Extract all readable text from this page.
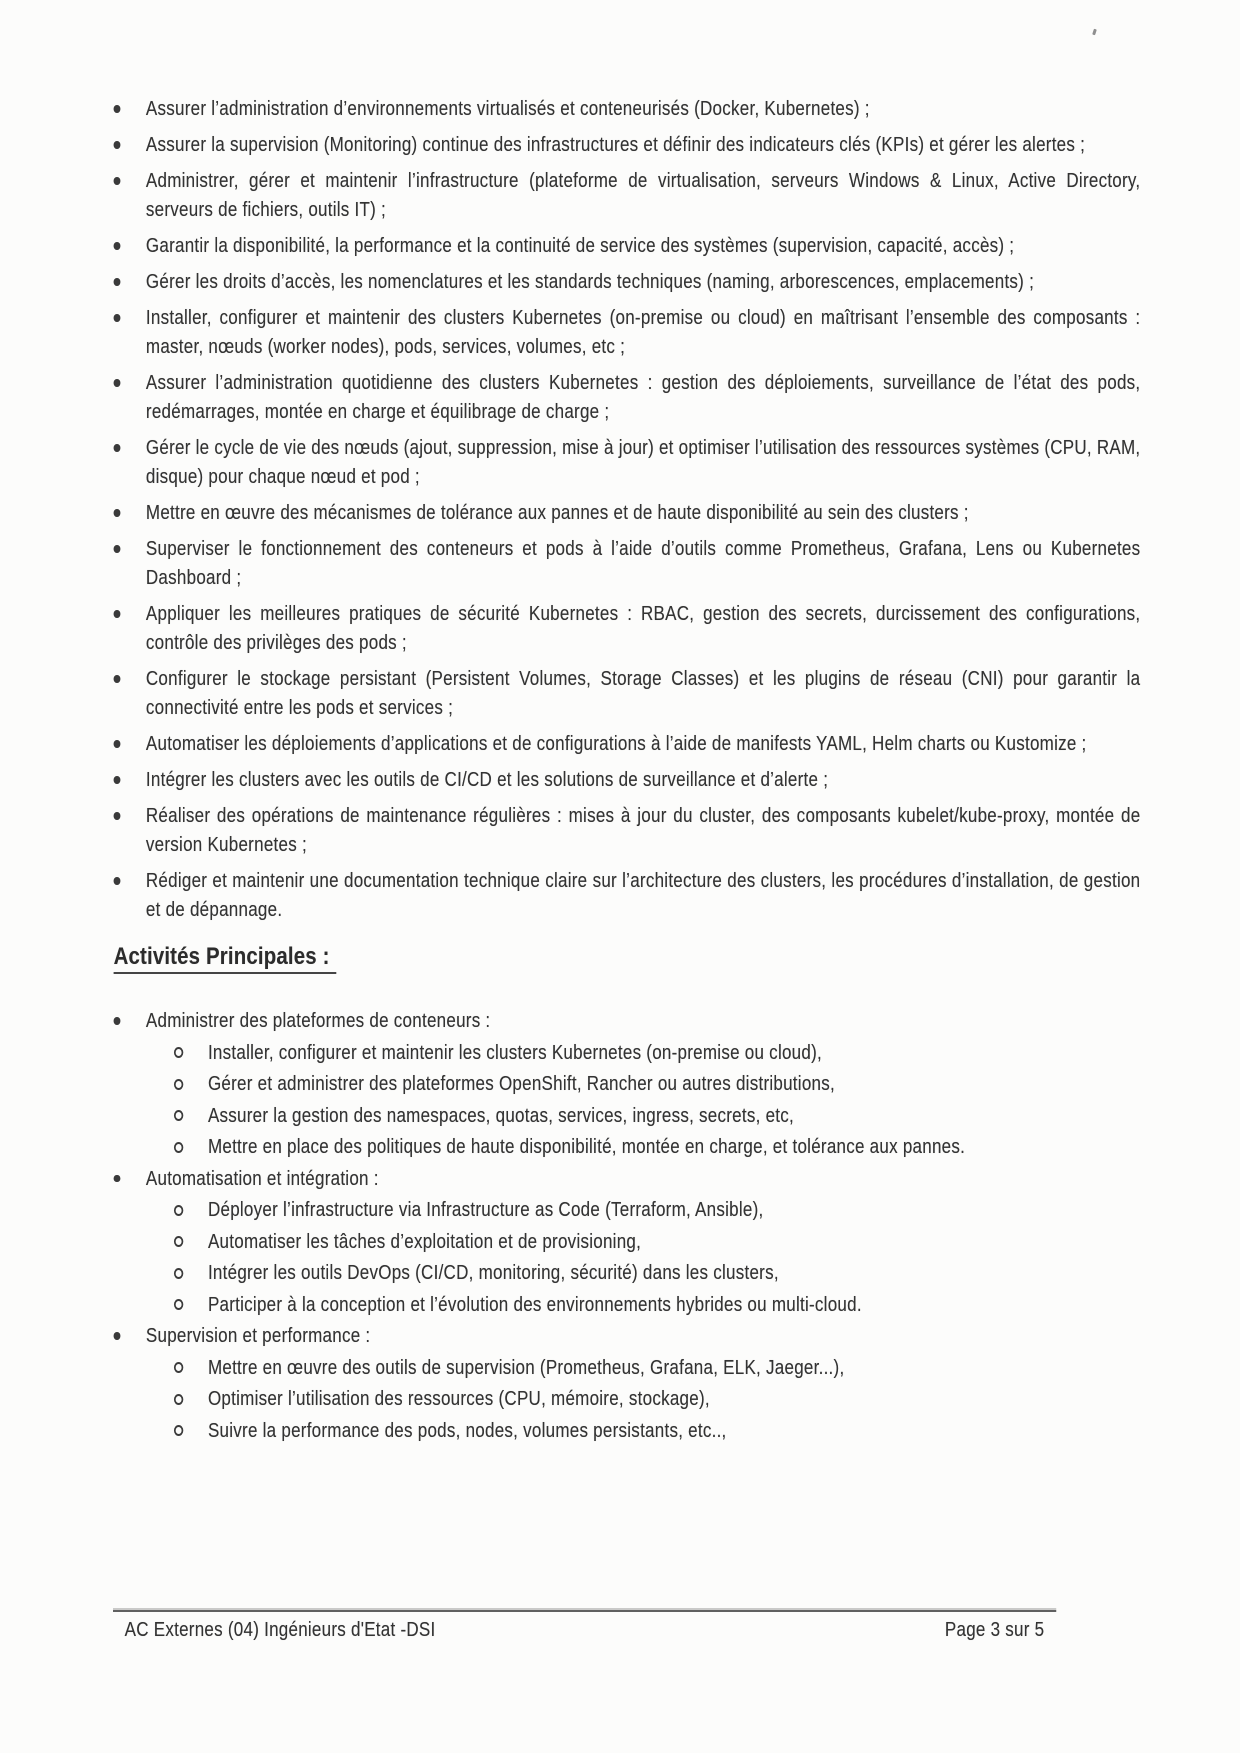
Assurer l’administration d’environnements virtualisés et conteneurisés (Docker, Kubernetes) ;
Assurer la supervision (Monitoring) continue des infrastructures et définir des indicateurs clés (KPIs) et gérer les alertes ;
Administrer, gérer et maintenir l’infrastructure (plateforme de virtualisation, serveurs Windows & Linux, Active Directory, serveurs de fichiers, outils IT) ;
Garantir la disponibilité, la performance et la continuité de service des systèmes (supervision, capacité, accès) ;
Gérer les droits d’accès, les nomenclatures et les standards techniques (naming, arborescences, emplacements) ;
Installer, configurer et maintenir des clusters Kubernetes (on-premise ou cloud) en maîtrisant l’ensemble des composants : master, nœuds (worker nodes), pods, services, volumes, etc ;
Assurer l’administration quotidienne des clusters Kubernetes : gestion des déploiements, surveillance de l’état des pods, redémarrages, montée en charge et équilibrage de charge ;
Gérer le cycle de vie des nœuds (ajout, suppression, mise à jour) et optimiser l’utilisation des ressources systèmes (CPU, RAM, disque) pour chaque nœud et pod ;
Mettre en œuvre des mécanismes de tolérance aux pannes et de haute disponibilité au sein des clusters ;
Superviser le fonctionnement des conteneurs et pods à l’aide d’outils comme Prometheus, Grafana, Lens ou Kubernetes Dashboard ;
Appliquer les meilleures pratiques de sécurité Kubernetes : RBAC, gestion des secrets, durcissement des configurations, contrôle des privilèges des pods ;
Configurer le stockage persistant (Persistent Volumes, Storage Classes) et les plugins de réseau (CNI) pour garantir la connectivité entre les pods et services ;
Automatiser les déploiements d’applications et de configurations à l’aide de manifests YAML, Helm charts ou Kustomize ;
Intégrer les clusters avec les outils de CI/CD et les solutions de surveillance et d’alerte ;
Réaliser des opérations de maintenance régulières : mises à jour du cluster, des composants kubelet/kube-proxy, montée de version Kubernetes ;
Rédiger et maintenir une documentation technique claire sur l’architecture des clusters, les procédures d’installation, de gestion et de dépannage.
Activités Principales :
Administrer des plateformes de conteneurs :
Installer, configurer et maintenir les clusters Kubernetes (on-premise ou cloud),
Gérer et administrer des plateformes OpenShift, Rancher ou autres distributions,
Assurer la gestion des namespaces, quotas, services, ingress, secrets, etc,
Mettre en place des politiques de haute disponibilité, montée en charge, et tolérance aux pannes.
Automatisation et intégration :
Déployer l’infrastructure via Infrastructure as Code (Terraform, Ansible),
Automatiser les tâches d’exploitation et de provisioning,
Intégrer les outils DevOps (CI/CD, monitoring, sécurité) dans les clusters,
Participer à la conception et l’évolution des environnements hybrides ou multi-cloud.
Supervision et performance :
Mettre en œuvre des outils de supervision (Prometheus, Grafana, ELK, Jaeger...),
Optimiser l’utilisation des ressources (CPU, mémoire, stockage),
Suivre la performance des pods, nodes, volumes persistants, etc..,
AC Externes (04) Ingénieurs d'Etat -DSI	Page 3 sur 5
